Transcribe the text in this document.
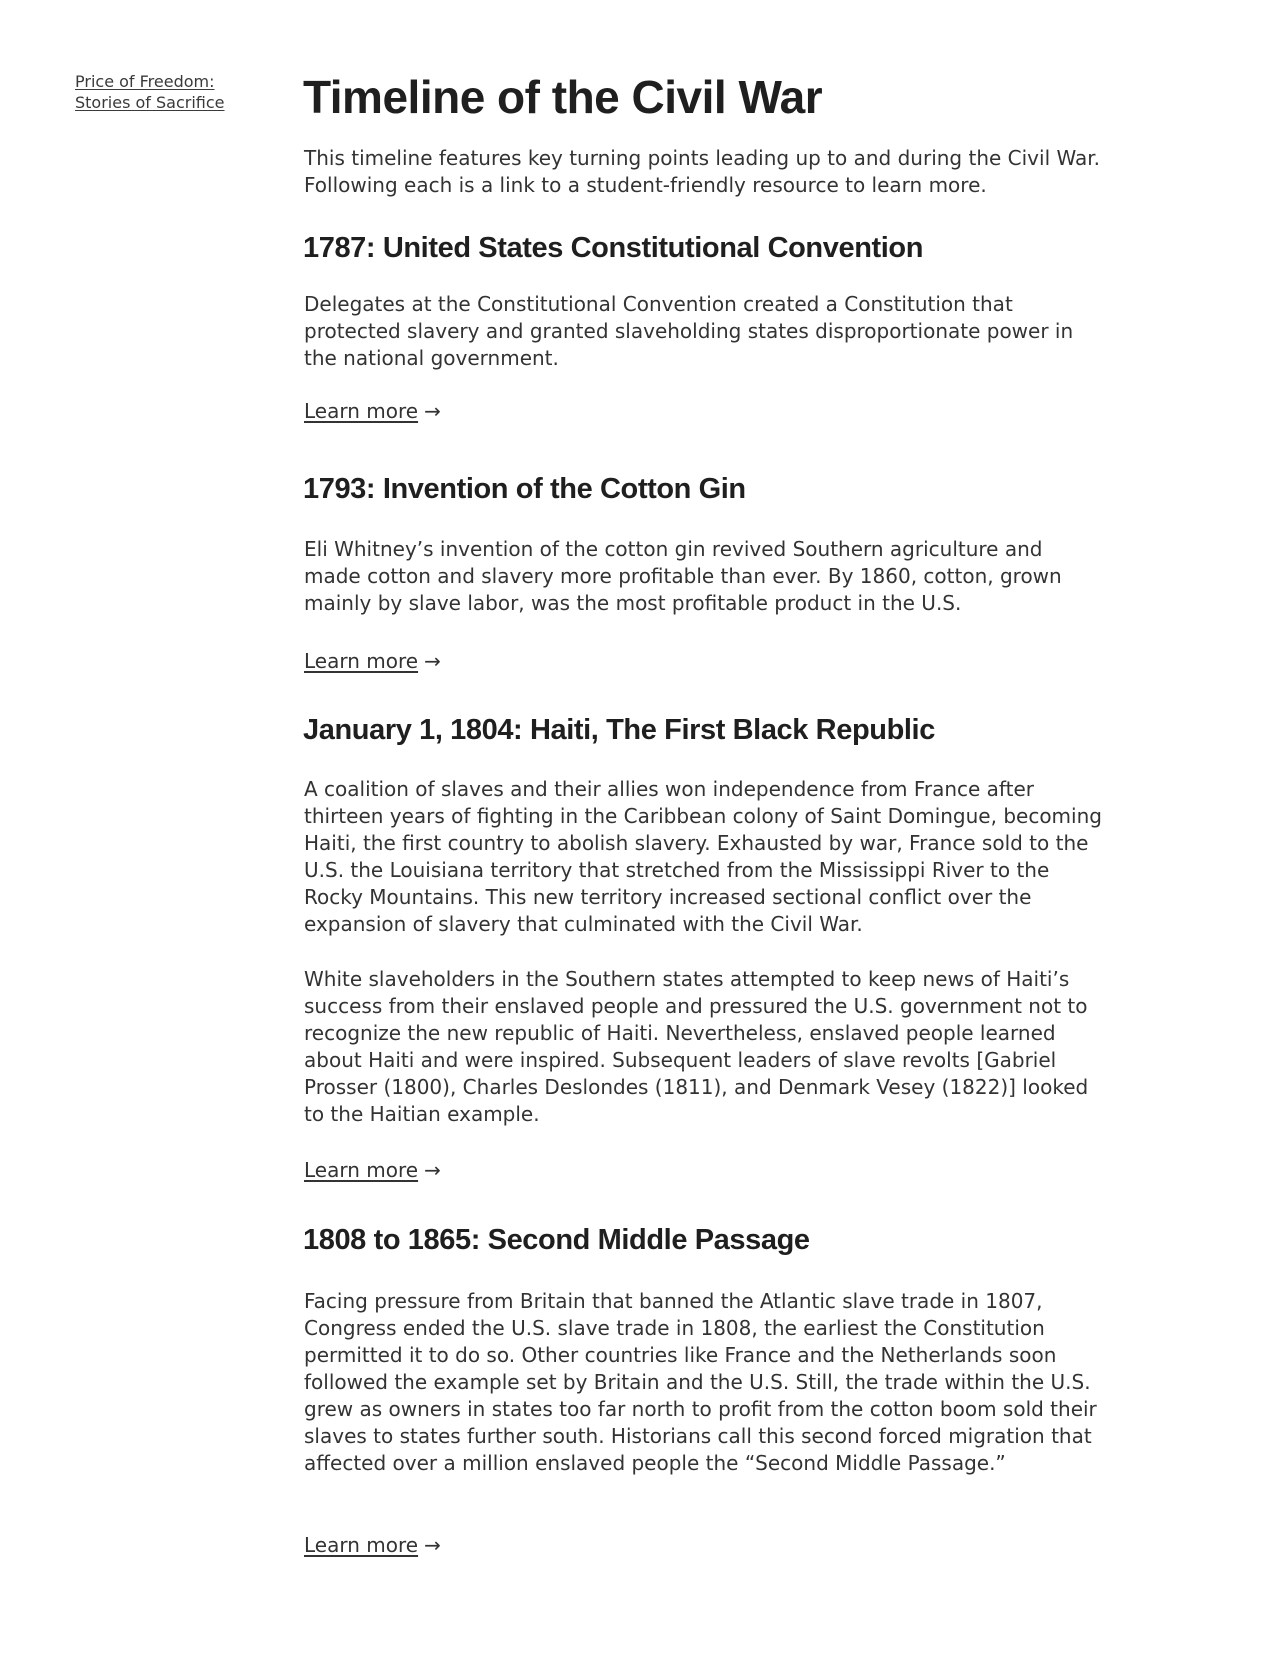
Price of Freedom:
Stories of Sacrifice	Timeline of the Civil War

This timeline features key turning points leading up to and during the Civil War. Following each is a link to a student-friendly resource to learn more.

1787: United States Constitutional Convention

Delegates at the Constitutional Convention created a Constitution that protected slavery and granted slaveholding states disproportionate power in the national government.

Learn more →
1793: Invention of the Cotton Gin

Eli Whitney’s invention of the cotton gin revived Southern agriculture and made cotton and slavery more profitable than ever. By 1860, cotton, grown mainly by slave labor, was the most profitable product in the U.S.

Learn more →
January 1, 1804: Haiti, The First Black Republic

A coalition of slaves and their allies won independence from France after thirteen years of fighting in the Caribbean colony of Saint Domingue, becoming Haiti, the first country to abolish slavery. Exhausted by war, France sold to the U.S. the Louisiana territory that stretched from the Mississippi River to the Rocky Mountains. This new territory increased sectional conflict over the expansion of slavery that culminated with the Civil War.

White slaveholders in the Southern states attempted to keep news of Haiti’s success from their enslaved people and pressured the U.S. government not to recognize the new republic of Haiti. Nevertheless, enslaved people learned about Haiti and were inspired. Subsequent leaders of slave revolts [Gabriel Prosser (1800), Charles Deslondes (1811), and Denmark Vesey (1822)] looked to the Haitian example.

Learn more →
1808 to 1865: Second Middle Passage

Facing pressure from Britain that banned the Atlantic slave trade in 1807, Congress ended the U.S. slave trade in 1808, the earliest the Constitution permitted it to do so. Other countries like France and the Netherlands soon followed the example set by Britain and the U.S. Still, the trade within the U.S. grew as owners in states too far north to profit from the cotton boom sold their slaves to states further south. Historians call this second forced migration that affected over a million enslaved people the “Second Middle Passage.”

Learn more →
